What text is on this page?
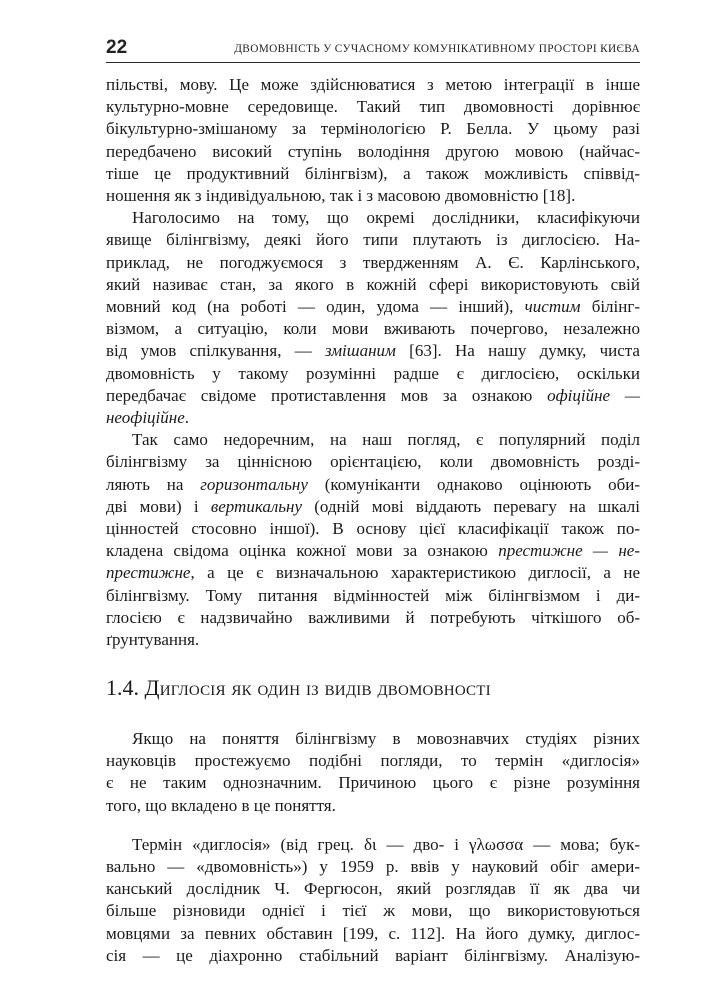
22	ДВОМОВНІСТЬ У СУЧАСНОМУ КОМУНІКАТИВНОМУ ПРОСТОРІ КИЄВА

пільстві, мову. Це може здійснюватися з метою інтеграції в інше
культурно-мовне середовище. Такий тип двомовності дорівнює
бікультурно-змішаному за термінологією Р. Белла. У цьому разі
передбачено високий ступінь володіння другою мовою (найчас-
тіше це продуктивний білінгвізм), а також можливість співвід-
ношення як з індивідуальною, так і з масовою двомовністю [18].

Наголосимо на тому, що окремі дослідники, класифікуючи
явище білінгвізму, деякі його типи плутають із диглосією. На-
приклад, не погоджуємося з твердженням А. Є. Карлінського,
який називає стан, за якого в кожній сфері використовують свій
мовний код (на роботі — один, удома — інший), чистим білінг-
візмом, а ситуацію, коли мови вживають почергово, незалежно
від умов спілкування, — змішаним [63]. На нашу думку, чиста
двомовність у такому розумінні радше є диглосією, оскільки
передбачає свідоме протиставлення мов за ознакою офіційне —
неофіційне.

Так само недоречним, на наш погляд, є популярний поділ
білінгвізму за ціннісною орієнтацією, коли двомовність розді-
ляють на горизонтальну (комуніканти однаково оцінюють оби-
дві мови) і вертикальну (одній мові віддають перевагу на шкалі
цінностей стосовно іншої). В основу цієї класифікації також по-
кладена свідома оцінка кожної мови за ознакою престижне — не-
престижне, а це є визначальною характеристикою диглосії, а не
білінгвізму. Тому питання відмінностей між білінгвізмом і ди-
глосією є надзвичайно важливими й потребують чіткішого об-
ґрунтування.

1.4. Диглосія як один із видів двомовності

Якщо на поняття білінгвізму в мовознавчих студіях різних
науковців простежуємо подібні погляди, то термін «диглосія»
є не таким однозначним. Причиною цього є різне розуміння
того, що вкладено в це поняття.

Термін «диглосія» (від грец. δι — дво- і γλωσσα — мова; бук-
вально — «двомовність») у 1959 р. ввів у науковий обіг амери-
канський дослідник Ч. Фергюсон, який розглядав її як два чи
більше різновиди однієї і тієї ж мови, що використовуються
мовцями за певних обставин [199, с. 112]. На його думку, диглос-
сія — це діахронно стабільний варіант білінгвізму. Аналізую-
